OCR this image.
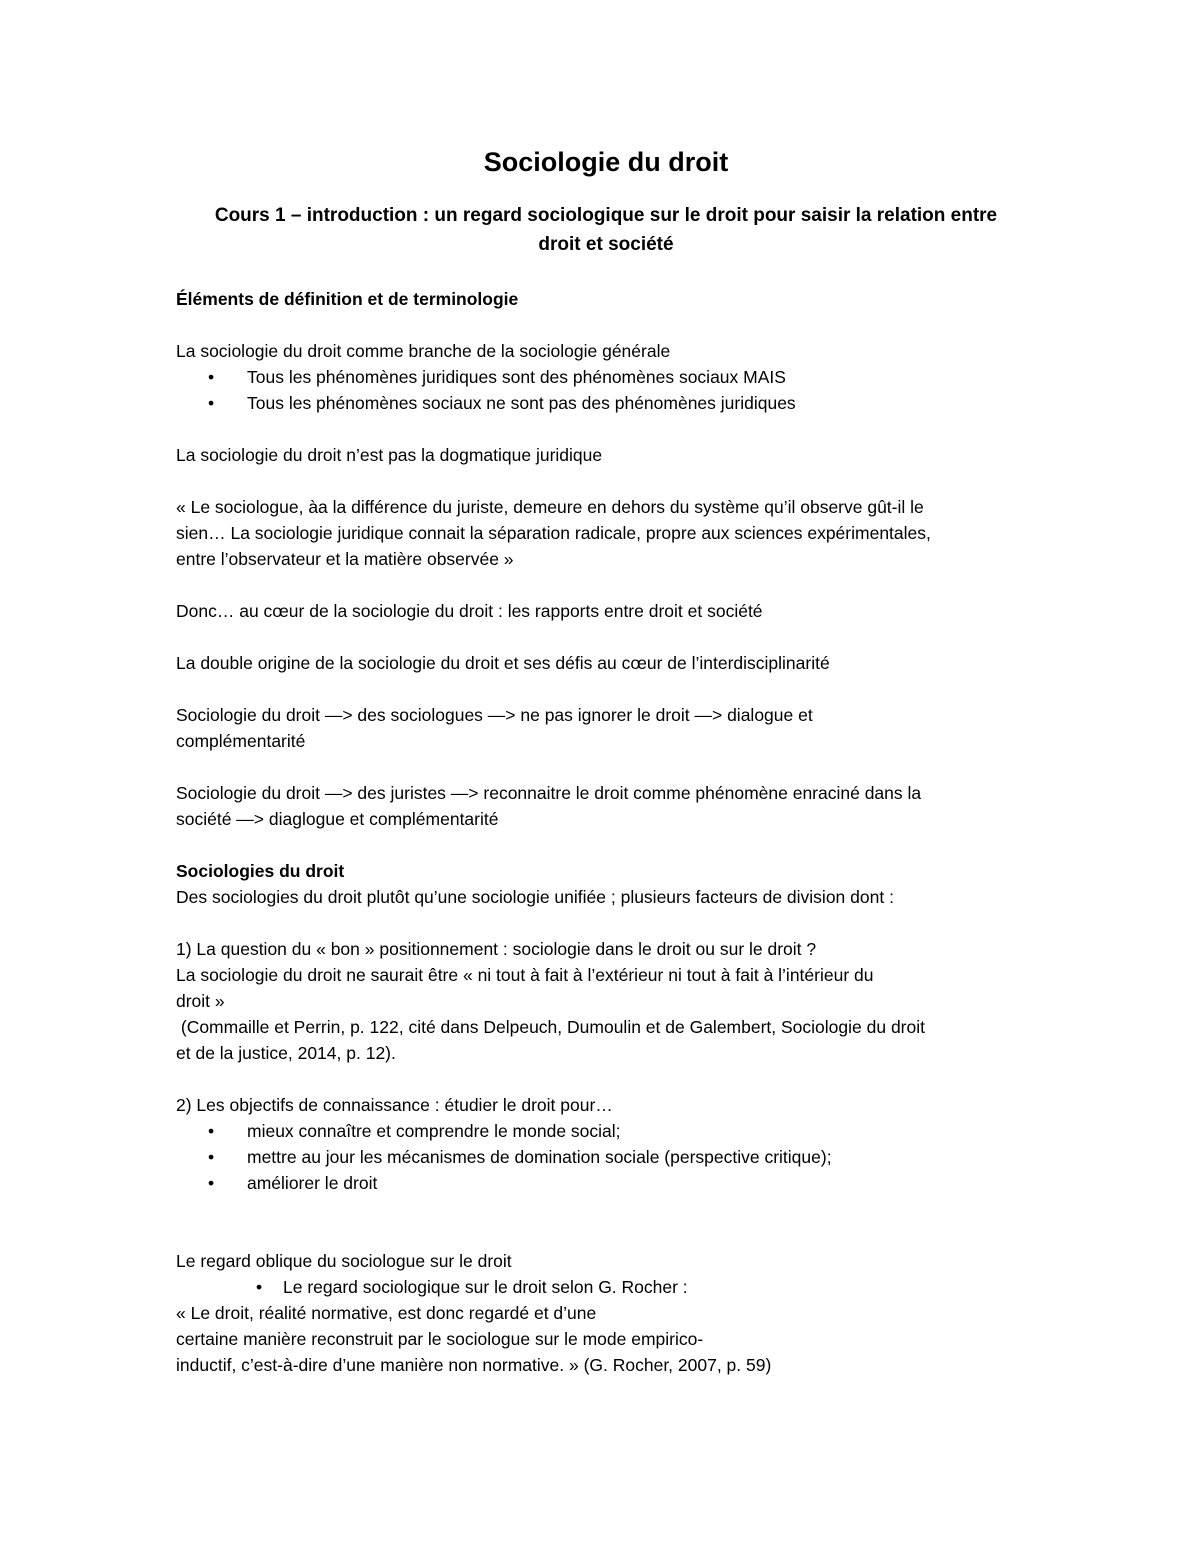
Sociologie du droit
Cours 1 – introduction : un regard sociologique sur le droit pour saisir la relation entre
droit et société

Éléments de définition et de terminologie

La sociologie du droit comme branche de la sociologie générale

• Tous les phénomènes juridiques sont des phénomènes sociaux MAIS
• Tous les phénomènes sociaux ne sont pas des phénomènes juridiques

La sociologie du droit n’est pas la dogmatique juridique

« Le sociologue, àa la différence du juriste, demeure en dehors du système qu’il observe gût-il le
sien… La sociologie juridique connait la séparation radicale, propre aux sciences expérimentales,
entre l’observateur et la matière observée »

Donc… au cœur de la sociologie du droit : les rapports entre droit et société

La double origine de la sociologie du droit et ses défis au cœur de l’interdisciplinarité

Sociologie du droit —> des sociologues —> ne pas ignorer le droit —> dialogue et
complémentarité
Sociologie du droit —> des juristes —> reconnaitre le droit comme phénomène enraciné dans la
société —> diaglogue et complémentarité

Sociologies du droit

Des sociologies du droit plutôt qu’une sociologie unifiée ; plusieurs facteurs de division dont :

1) La question du « bon » positionnement : sociologie dans le droit ou sur le droit ?
La sociologie du droit ne saurait être « ni tout à fait à l’extérieur ni tout à fait à l’intérieur du
droit »
(Commaille et Perrin, p. 122, cité dans Delpeuch, Dumoulin et de Galembert, Sociologie du droit
et de la justice, 2014, p. 12).

2) Les objectifs de connaissance : étudier le droit pour…

• mieux connaître et comprendre le monde social;
• mettre au jour les mécanismes de domination sociale (perspective critique);
• améliorer le droit

Le regard oblique du sociologue sur le droit

• Le regard sociologique sur le droit selon G. Rocher :
« Le droit, réalité normative, est donc regardé et d’une
certaine manière reconstruit par le sociologue sur le mode empirico-
inductif, c’est-à-dire d’une manière non normative. » (G. Rocher, 2007, p. 59)
